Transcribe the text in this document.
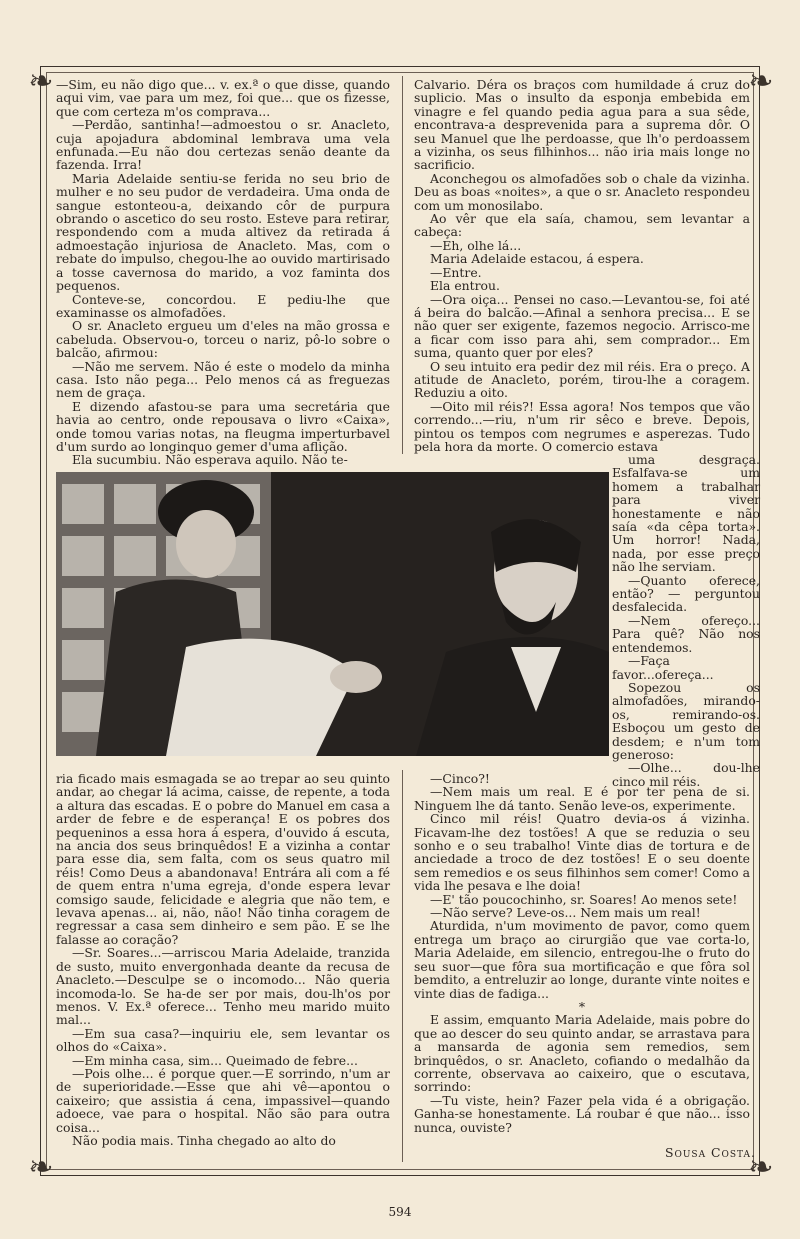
❧	❧
❧	❧

—Sim, eu não digo que... v. ex.ª o que disse, quando aqui vim, vae para um mez, foi que... que os fizesse, que com certeza m'os comprava...

—Perdão, santinha!—admoestou o sr. Anacleto, cuja apojadura abdominal lembrava uma vela enfunada.—Eu não dou certezas senão deante da fazenda. Irra!

Maria Adelaide sentiu-se ferida no seu brio de mulher e no seu pudor de verdadeira. Uma onda de sangue estonteou-a, deixando côr de purpura obrando o ascetico do seu rosto. Esteve para retirar, respondendo com a muda altivez da retirada á admoestação injuriosa de Anacleto. Mas, com o rebate do impulso, chegou-lhe ao ouvido martirisado a tosse cavernosa do marido, a voz faminta dos pequenos.

Conteve-se, concordou. E pediu-lhe que examinasse os almofadões.

O sr. Anacleto ergueu um d'eles na mão grossa e cabeluda. Observou-o, torceu o nariz, pô-lo sobre o balcão, afirmou:

—Não me servem. Não é este o modelo da minha casa. Isto não pega... Pelo menos cá as freguezas nem de graça.

E dizendo afastou-se para uma secretária que havia ao centro, onde repousava o livro «Caixa», onde tomou varias notas, na fleugma imperturbavel d'um surdo ao longinquo gemer d'uma aflição.

Ela sucumbiu. Não esperava aquilo. Não te-

Calvario. Déra os braços com humildade á cruz do suplicio. Mas o insulto da esponja embebida em vinagre e fel quando pedia agua para a sua sêde, encontrava-a desprevenida para a suprema dôr. O seu Manuel que lhe perdoasse, que lh'o perdoassem a vizinha, os seus filhinhos... não iria mais longe no sacrificio.

Aconchegou os almofadões sob o chale da vizinha. Deu as boas «noites», a que o sr. Anacleto respondeu com um monosilabo.

Ao vêr que ela saía, chamou, sem levantar a cabeça:

—Eh, olhe lá...

Maria Adelaide estacou, á espera.

—Entre.

Ela entrou.

—Ora oiça... Pensei no caso.—Levantou-se, foi até á beira do balcão.—Afinal a senhora precisa... E se não quer ser exigente, fazemos negocio. Arrisco-me a ficar com isso para ahi, sem comprador... Em suma, quanto quer por eles?

O seu intuito era pedir dez mil réis. Era o preço. A atitude de Anacleto, porém, tirou-lhe a coragem. Reduziu a oito.

—Oito mil réis?! Essa agora! Nos tempos que vão correndo...—riu, n'um rir sêco e breve. Depois, pintou os tempos com negrumes e asperezas. Tudo pela hora da morte. O comercio estava

uma desgraça. Esfalfava-se um homem a trabalhar para viver honestamente e não saía «da cêpa torta». Um horror! Nada, nada, por esse preço não lhe serviam.

—Quanto oferece, então? — perguntou desfalecida.

—Nem ofereço... Para quê? Não nos entendemos.

—Faça favor...ofereça...

Sopezou os almofadões, mirando-os, remirando-os. Esboçou um gesto de desdem; e n'um tom generoso:

—Olhe... dou-lhe cinco mil réis.

ria ficado mais esmagada se ao trepar ao seu quinto andar, ao chegar lá acima, caisse, de repente, a toda a altura das escadas. E o pobre do Manuel em casa a arder de febre e de esperança! E os pobres dos pequeninos a essa hora á espera, d'ouvido á escuta, na ancia dos seus brinquêdos! E a vizinha a contar para esse dia, sem falta, com os seus quatro mil réis! Como Deus a abandonava! Entrára ali com a fé de quem entra n'uma egreja, d'onde espera levar comsigo saude, felicidade e alegria que não tem, e levava apenas... ai, não, não! Não tinha coragem de regressar a casa sem dinheiro e sem pão. E se lhe falasse ao coração?

—Sr. Soares...—arriscou Maria Adelaide, tranzida de susto, muito envergonhada deante da recusa de Anacleto.—Desculpe se o incomodo... Não queria incomoda-lo. Se ha-de ser por mais, dou-lh'os por menos. V. Ex.ª oferece... Tenho meu marido muito mal...

—Em sua casa?—inquiriu ele, sem levantar os olhos do «Caixa».

—Em minha casa, sim... Queimado de febre...

—Pois olhe... é porque quer.—E sorrindo, n'um ar de superioridade.—Esse que ahi vê—apontou o caixeiro; que assistia á cena, impassivel—quando adoece, vae para o hospital. Não são para outra coisa...

Não podia mais. Tinha chegado ao alto do

—Cinco?!

—Nem mais um real. E é por ter pena de si. Ninguem lhe dá tanto. Senão leve-os, experimente.

Cinco mil réis! Quatro devia-os á vizinha. Ficavam-lhe dez tostões! A que se reduzia o seu sonho e o seu trabalho! Vinte dias de tortura e de anciedade a troco de dez tostões! E o seu doente sem remedios e os seus filhinhos sem comer! Como a vida lhe pesava e lhe doia!

—E' tão poucochinho, sr. Soares! Ao menos sete!

—Não serve? Leve-os... Nem mais um real!

Aturdida, n'um movimento de pavor, como quem entrega um braço ao cirurgião que vae corta-lo, Maria Adelaide, em silencio, entregou-lhe o fruto do seu suor—que fôra sua mortificação e que fôra sol bemdito, a entreluzir ao longe, durante vinte noites e vinte dias de fadiga...

*

E assim, emquanto Maria Adelaide, mais pobre do que ao descer do seu quinto andar, se arrastava para a mansarda de agonia sem remedios, sem brinquêdos, o sr. Anacleto, cofiando o medalhão da corrente, observava ao caixeiro, que o escutava, sorrindo:

—Tu viste, hein? Fazer pela vida é a obrigação. Ganha-se honestamente. Lá roubar é que não... isso nunca, ouviste?

Sousa Costa.
594
